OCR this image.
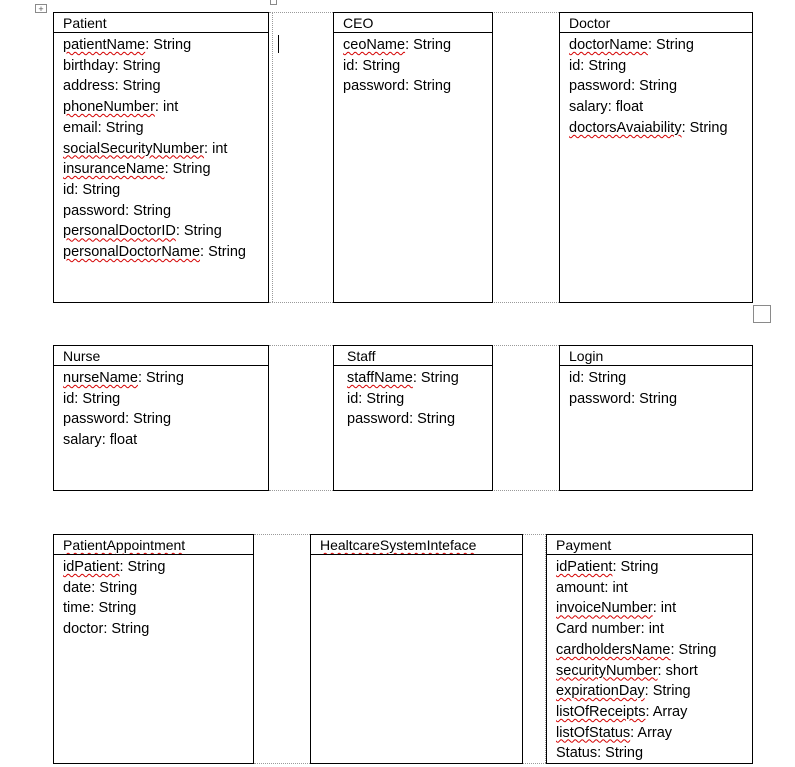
+
Patient
patientName: String
birthday: String
address: String
phoneNumber: int
email: String
socialSecurityNumber: int
insuranceName: String
id: String
password: String
personalDoctorID: String
personalDoctorName: String
CEO
ceoName: String
id: String
password: String
Doctor
doctorName: String
id: String
password: String
salary: float
doctorsAvaiability: String
Nurse
nurseName: String
id: String
password: String
salary: float
Staff
staffName: String
id: String
password: String
Login
id: String
password: String
PatientAppointment
idPatient: String
date: String
time: String
doctor: String
HealtcareSystemInteface	Payment
idPatient: String
amount: int
invoiceNumber: int
Card number: int
cardholdersName: String
securityNumber: short
expirationDay: String
listOfReceipts: Array
listOfStatus: Array
Status: String
